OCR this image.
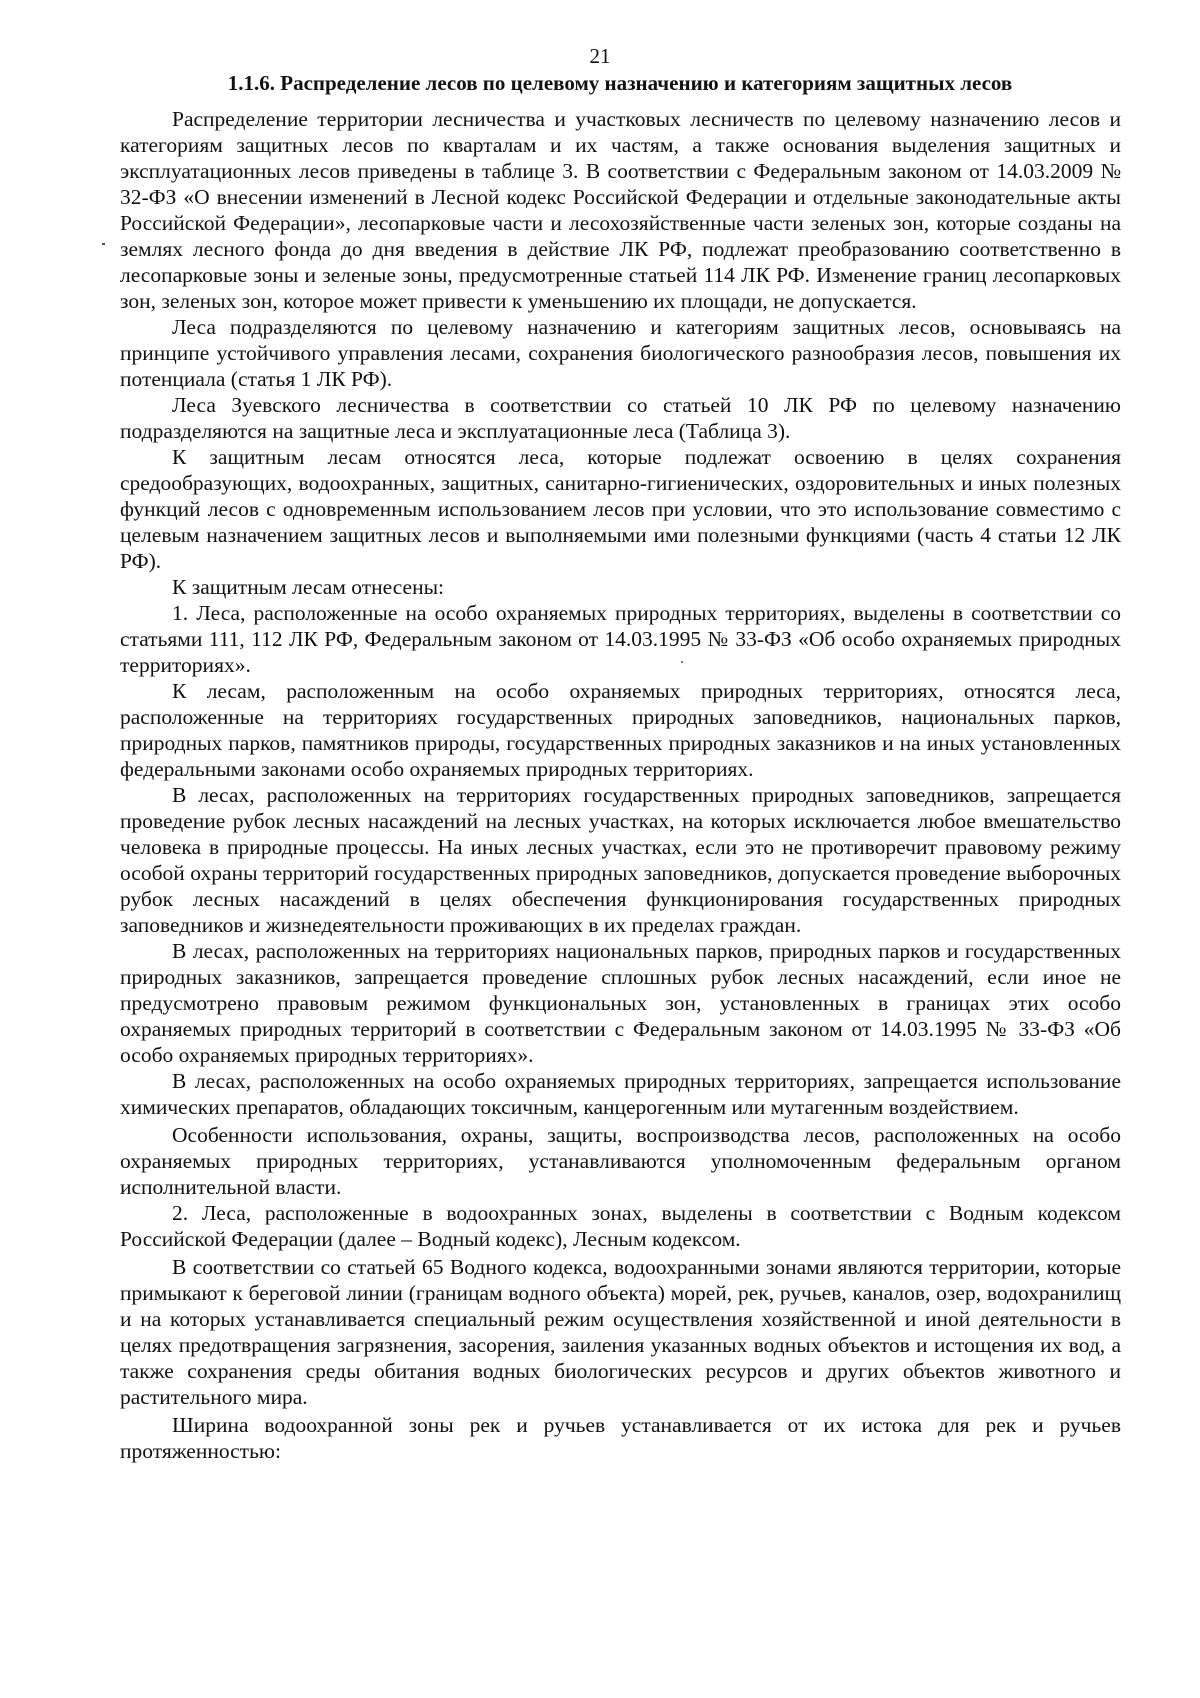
21
1.1.6. Распределение лесов по целевому назначению и категориям защитных лесов

Распределение территории лесничества и участковых лесничеств по целевому назначению лесов и категориям защитных лесов по кварталам и их частям, а также основания выделения защитных и эксплуатационных лесов приведены в таблице 3. В соответствии с Федеральным законом от 14.03.2009 № 32-ФЗ «О внесении изменений в Лесной кодекс Российской Федерации и отдельные законодательные акты Российской Федерации», лесопарковые части и лесохозяйственные части зеленых зон, которые созданы на землях лесного фонда до дня введения в действие ЛК РФ, подлежат преобразованию соответственно в лесопарковые зоны и зеленые зоны, предусмотренные статьей 114 ЛК РФ. Изменение границ лесопарковых зон, зеленых зон, которое может привести к уменьшению их площади, не допускается.

Леса подразделяются по целевому назначению и категориям защитных лесов, основываясь на принципе устойчивого управления лесами, сохранения биологического разнообразия лесов, повышения их потенциала (статья 1 ЛК РФ).

Леса Зуевского лесничества в соответствии со статьей 10 ЛК РФ по целевому назначению подразделяются на защитные леса и эксплуатационные леса (Таблица 3).

К защитным лесам относятся леса, которые подлежат освоению в целях сохранения средообразующих, водоохранных, защитных, санитарно-гигиенических, оздоровительных и иных полезных функций лесов с одновременным использованием лесов при условии, что это использование совместимо с целевым назначением защитных лесов и выполняемыми ими полезными функциями (часть 4 статьи 12 ЛК РФ).

К защитным лесам отнесены:

1. Леса, расположенные на особо охраняемых природных территориях, выделены в соответствии со статьями 111, 112 ЛК РФ, Федеральным законом от 14.03.1995 № 33-ФЗ «Об особо охраняемых природных территориях».

К лесам, расположенным на особо охраняемых природных территориях, относятся леса, расположенные на территориях государственных природных заповедников, национальных парков, природных парков, памятников природы, государственных природных заказников и на иных установленных федеральными законами особо охраняемых природных территориях.

В лесах, расположенных на территориях государственных природных заповедников, запрещается проведение рубок лесных насаждений на лесных участках, на которых исключается любое вмешательство человека в природные процессы. На иных лесных участках, если это не противоречит правовому режиму особой охраны территорий государственных природных заповедников, допускается проведение выборочных рубок лесных насаждений в целях обеспечения функционирования государственных природных заповедников и жизнедеятельности проживающих в их пределах граждан.

В лесах, расположенных на территориях национальных парков, природных парков и государственных природных заказников, запрещается проведение сплошных рубок лесных насаждений, если иное не предусмотрено правовым режимом функциональных зон, установленных в границах этих особо охраняемых природных территорий в соответствии с Федеральным законом от 14.03.1995 № 33-ФЗ «Об особо охраняемых природных территориях».

В лесах, расположенных на особо охраняемых природных территориях, запрещается использование химических препаратов, обладающих токсичным, канцерогенным или мутагенным воздействием.

Особенности использования, охраны, защиты, воспроизводства лесов, расположенных на особо охраняемых природных территориях, устанавливаются уполномоченным федеральным органом исполнительной власти.

2. Леса, расположенные в водоохранных зонах, выделены в соответствии с Водным кодексом Российской Федерации (далее – Водный кодекс), Лесным кодексом.

В соответствии со статьей 65 Водного кодекса, водоохранными зонами являются территории, которые примыкают к береговой линии (границам водного объекта) морей, рек, ручьев, каналов, озер, водохранилищ и на которых устанавливается специальный режим осуществления хозяйственной и иной деятельности в целях предотвращения загрязнения, засорения, заиления указанных водных объектов и истощения их вод, а также сохранения среды обитания водных биологических ресурсов и других объектов животного и растительного мира.

Ширина водоохранной зоны рек и ручьев устанавливается от их истока для рек и ручьев протяженностью:
